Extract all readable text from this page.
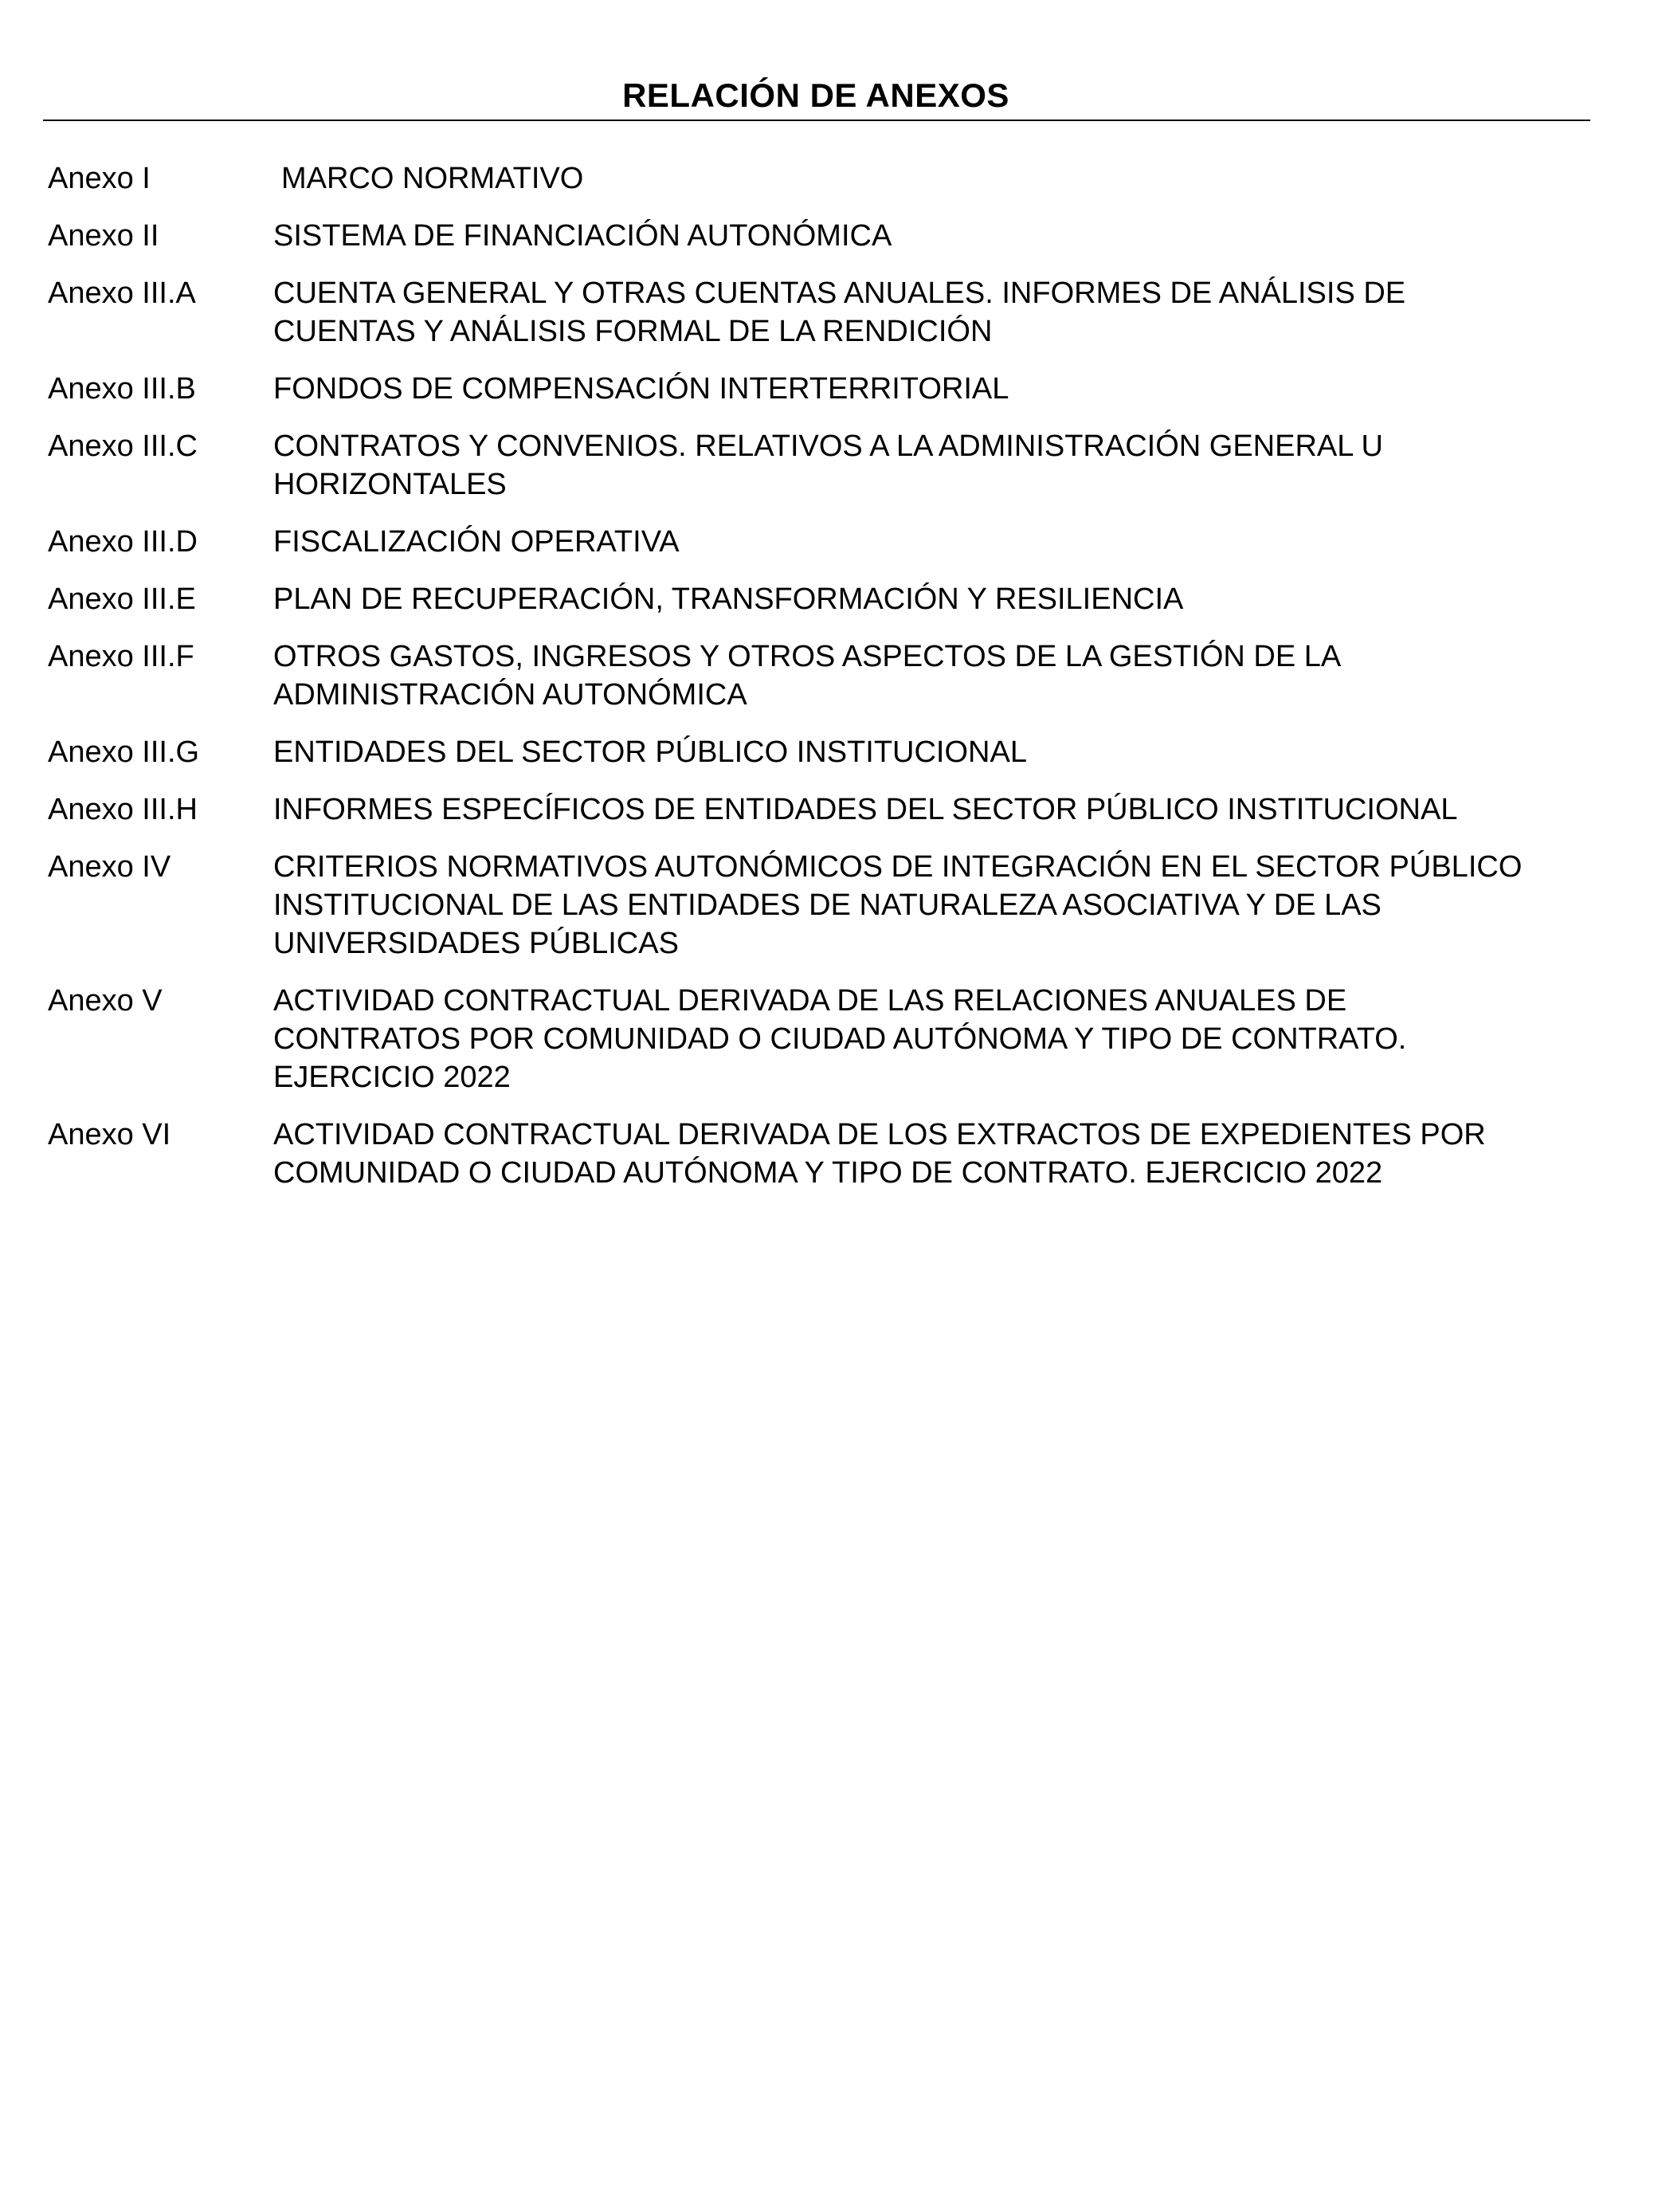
RELACIÓN DE ANEXOS
Anexo I	MARCO NORMATIVO
Anexo II	SISTEMA DE FINANCIACIÓN AUTONÓMICA
Anexo III.A	CUENTA GENERAL Y OTRAS CUENTAS ANUALES. INFORMES DE ANÁLISIS DE CUENTAS Y ANÁLISIS FORMAL DE LA RENDICIÓN
Anexo III.B	FONDOS DE COMPENSACIÓN INTERTERRITORIAL
Anexo III.C	CONTRATOS Y CONVENIOS. RELATIVOS A LA ADMINISTRACIÓN GENERAL U HORIZONTALES
Anexo III.D	FISCALIZACIÓN OPERATIVA
Anexo III.E	PLAN DE RECUPERACIÓN, TRANSFORMACIÓN Y RESILIENCIA
Anexo III.F	OTROS GASTOS, INGRESOS Y OTROS ASPECTOS DE LA GESTIÓN DE LA ADMINISTRACIÓN AUTONÓMICA
Anexo III.G	ENTIDADES DEL SECTOR PÚBLICO INSTITUCIONAL
Anexo III.H	INFORMES ESPECÍFICOS DE ENTIDADES DEL SECTOR PÚBLICO INSTITUCIONAL
Anexo IV	CRITERIOS NORMATIVOS AUTONÓMICOS DE INTEGRACIÓN EN EL SECTOR PÚBLICO INSTITUCIONAL DE LAS ENTIDADES DE NATURALEZA ASOCIATIVA Y DE LAS UNIVERSIDADES PÚBLICAS
Anexo V	ACTIVIDAD CONTRACTUAL DERIVADA DE LAS RELACIONES ANUALES DE CONTRATOS POR COMUNIDAD O CIUDAD AUTÓNOMA Y TIPO DE CONTRATO. EJERCICIO 2022
Anexo VI	ACTIVIDAD CONTRACTUAL DERIVADA DE LOS EXTRACTOS DE EXPEDIENTES POR COMUNIDAD O CIUDAD AUTÓNOMA Y TIPO DE CONTRATO. EJERCICIO 2022
